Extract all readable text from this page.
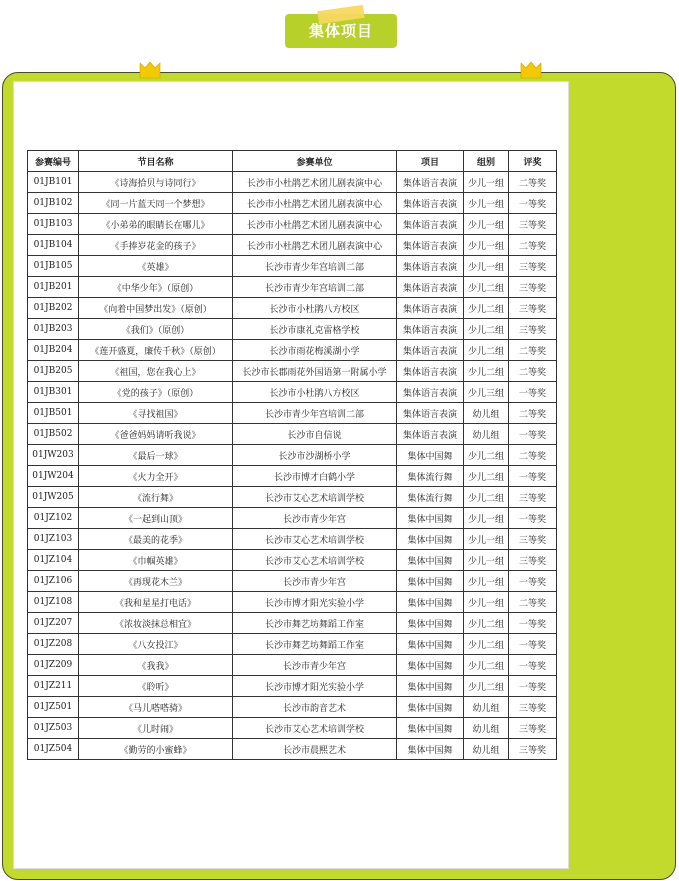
集体项目
参赛编号	节目名称	参赛单位	项目	组别	评奖
01JB101	《诗海拾贝与诗同行》	长沙市小杜鹃艺术团儿剧表演中心	集体语言表演	少儿一组	二等奖
01JB102	《同一片蓝天同一个梦想》	长沙市小杜鹃艺术团儿剧表演中心	集体语言表演	少儿一组	一等奖
01JB103	《小弟弟的眼睛长在哪儿》	长沙市小杜鹃艺术团儿剧表演中心	集体语言表演	少儿一组	三等奖
01JB104	《手捧岁花金的孩子》	长沙市小杜鹃艺术团儿剧表演中心	集体语言表演	少儿一组	二等奖
01JB105	《英雄》	长沙市青少年宫培训二部	集体语言表演	少儿一组	三等奖
01JB201	《中华少年》（原创）	长沙市青少年宫培训二部	集体语言表演	少儿二组	三等奖
01JB202	《向着中国梦出发》（原创）	长沙市小杜鹃八方校区	集体语言表演	少儿二组	三等奖
01JB203	《我们》（原创）	长沙市康礼克雷格学校	集体语言表演	少儿二组	三等奖
01JB204	《莲开盛夏，廉传千秋》（原创）	长沙市雨花梅溪湖小学	集体语言表演	少儿二组	二等奖
01JB205	《祖国，您在我心上》	长沙市长郡雨花外国语第一附属小学	集体语言表演	少儿二组	二等奖
01JB301	《党的孩子》（原创）	长沙市小杜鹃八方校区	集体语言表演	少儿三组	一等奖
01JB501	《寻找祖国》	长沙市青少年宫培训二部	集体语言表演	幼儿组	二等奖
01JB502	《爸爸妈妈请听我说》	长沙市自信说	集体语言表演	幼儿组	一等奖
01JW203	《最后一球》	长沙市沙湖桥小学	集体中国舞	少儿二组	二等奖
01JW204	《火力全开》	长沙市博才白鹤小学	集体流行舞	少儿二组	一等奖
01JW205	《流行舞》	长沙市艾心艺术培训学校	集体流行舞	少儿二组	三等奖
01JZ102	《一起到山顶》	长沙市青少年宫	集体中国舞	少儿一组	一等奖
01JZ103	《最美的花季》	长沙市艾心艺术培训学校	集体中国舞	少儿一组	三等奖
01JZ104	《巾帼英雄》	长沙市艾心艺术培训学校	集体中国舞	少儿一组	三等奖
01JZ106	《再现花木兰》	长沙市青少年宫	集体中国舞	少儿一组	一等奖
01JZ108	《我和星星打电话》	长沙市博才阳光实验小学	集体中国舞	少儿一组	二等奖
01JZ207	《浓妆淡抹总相宜》	长沙市舞艺坊舞蹈工作室	集体中国舞	少儿二组	一等奖
01JZ208	《八女投江》	长沙市舞艺坊舞蹈工作室	集体中国舞	少儿二组	一等奖
01JZ209	《我我》	长沙市青少年宫	集体中国舞	少儿二组	一等奖
01JZ211	《聆听》	长沙市博才阳光实验小学	集体中国舞	少儿二组	一等奖
01JZ501	《马儿嗒嗒骑》	长沙市韵音艺术	集体中国舞	幼儿组	三等奖
01JZ503	《儿时闹》	长沙市艾心艺术培训学校	集体中国舞	幼儿组	三等奖
01JZ504	《勤劳的小蜜蜂》	长沙市晨熙艺术	集体中国舞	幼儿组	三等奖
